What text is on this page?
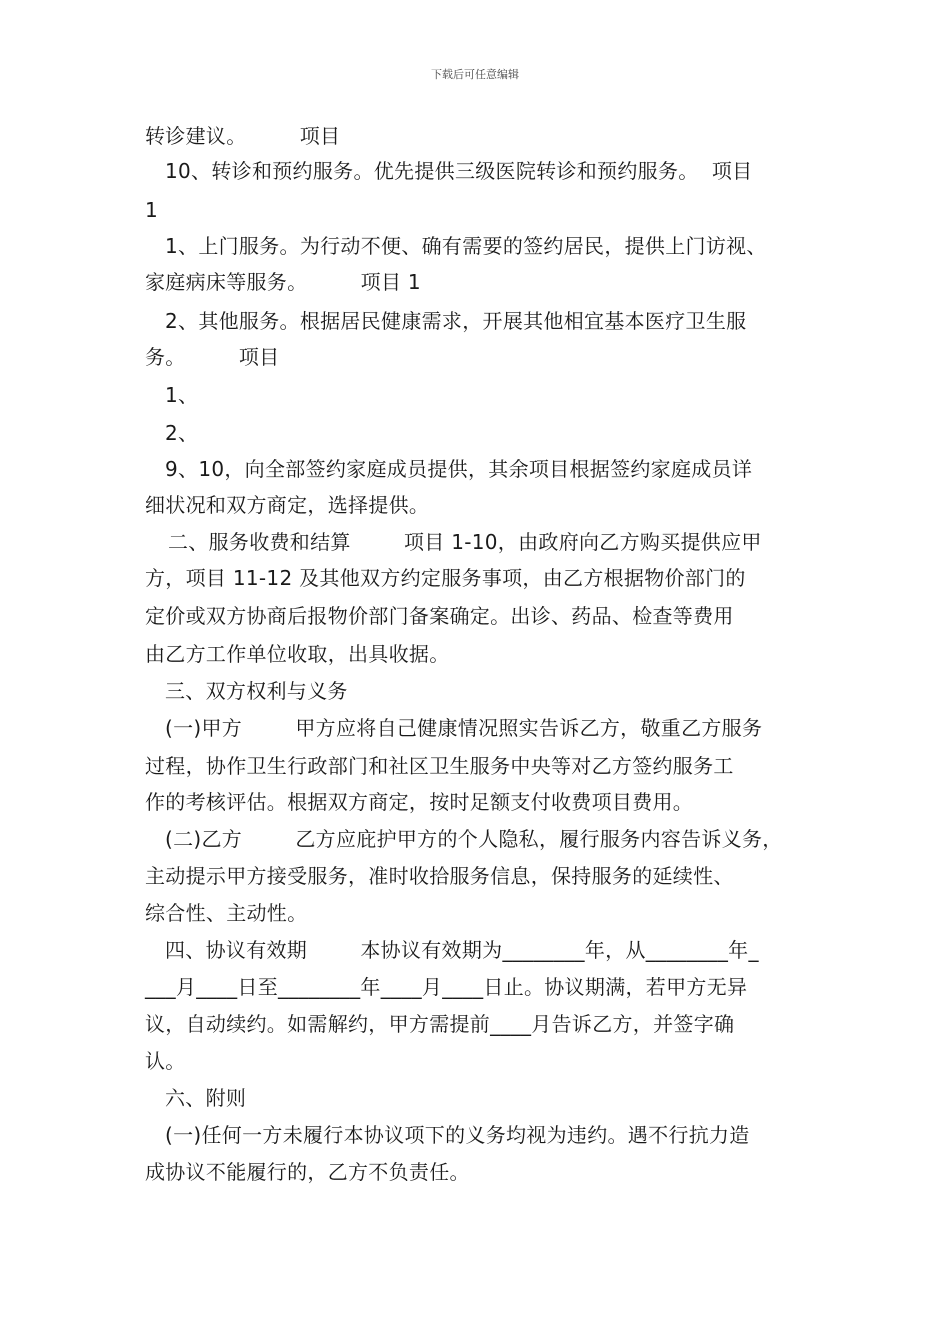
下载后可任意编辑
转诊建议。        项目
10、转诊和预约服务。优先提供三级医院转诊和预约服务。  项目
1
1、上门服务。为行动不便、确有需要的签约居民，提供上门访视、
家庭病床等服务。        项目 1
2、其他服务。根据居民健康需求，开展其他相宜基本医疗卫生服
务。        项目
1、
2、
9、10，向全部签约家庭成员提供，其余项目根据签约家庭成员详
细状况和双方商定，选择提供。
二、服务收费和结算        项目 1-10，由政府向乙方购买提供应甲
方，项目 11-12 及其他双方约定服务事项，由乙方根据物价部门的
定价或双方协商后报物价部门备案确定。出诊、药品、检查等费用
由乙方工作单位收取，出具收据。
三、双方权利与义务
(一)甲方        甲方应将自己健康情况照实告诉乙方，敬重乙方服务
过程，协作卫生行政部门和社区卫生服务中央等对乙方签约服务工
作的考核评估。根据双方商定，按时足额支付收费项目费用。
(二)乙方        乙方应庇护甲方的个人隐私，履行服务内容告诉义务，
主动提示甲方接受服务，准时收拾服务信息，保持服务的延续性、
综合性、主动性。
四、协议有效期        本协议有效期为________年，从________年_
___月____日至________年____月____日止。协议期满，若甲方无异
议，自动续约。如需解约，甲方需提前____月告诉乙方，并签字确
认。
六、附则
(一)任何一方未履行本协议项下的义务均视为违约。遇不行抗力造
成协议不能履行的，乙方不负责任。
